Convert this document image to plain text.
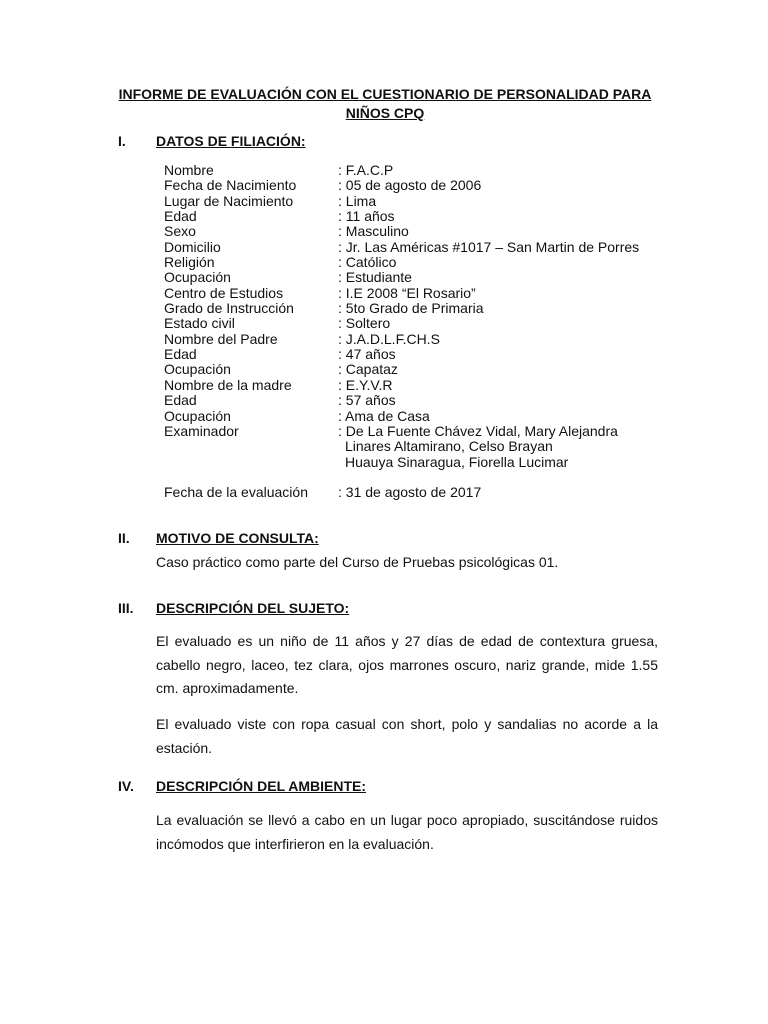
INFORME DE EVALUACIÓN CON EL CUESTIONARIO DE PERSONALIDAD PARA
NIÑOS CPQ
I. DATOS DE FILIACIÓN:
Nombre	: F.A.C.P
Fecha de Nacimiento	: 05 de agosto de 2006
Lugar de Nacimiento	: Lima
Edad	: 11 años
Sexo	: Masculino
Domicilio	: Jr. Las Américas #1017 – San Martin de Porres
Religión	: Católico
Ocupación	: Estudiante
Centro de Estudios	: I.E 2008 “El Rosario”
Grado de Instrucción	: 5to Grado de Primaria
Estado civil	: Soltero
Nombre del Padre	: J.A.D.L.F.CH.S
Edad	: 47 años
Ocupación	: Capataz
Nombre de la madre	: E.Y.V.R
Edad	: 57 años
Ocupación	: Ama de Casa
Examinador	: De La Fuente Chávez Vidal, Mary Alejandra
Linares Altamirano, Celso Brayan
Huauya Sinaragua, Fiorella Lucimar
Fecha de la evaluación	: 31 de agosto de 2017
II. MOTIVO DE CONSULTA:

Caso práctico como parte del Curso de Pruebas psicológicas 01.

III. DESCRIPCIÓN DEL SUJETO:

El evaluado es un niño de 11 años y 27 días de edad de contextura gruesa, cabello negro, laceo, tez clara, ojos marrones oscuro, nariz grande, mide 1.55 cm. aproximadamente.

El evaluado viste con ropa casual con short, polo y sandalias no acorde a la estación.

IV. DESCRIPCIÓN DEL AMBIENTE:

La evaluación se llevó a cabo en un lugar poco apropiado, suscitándose ruidos incómodos que interfirieron en la evaluación.
